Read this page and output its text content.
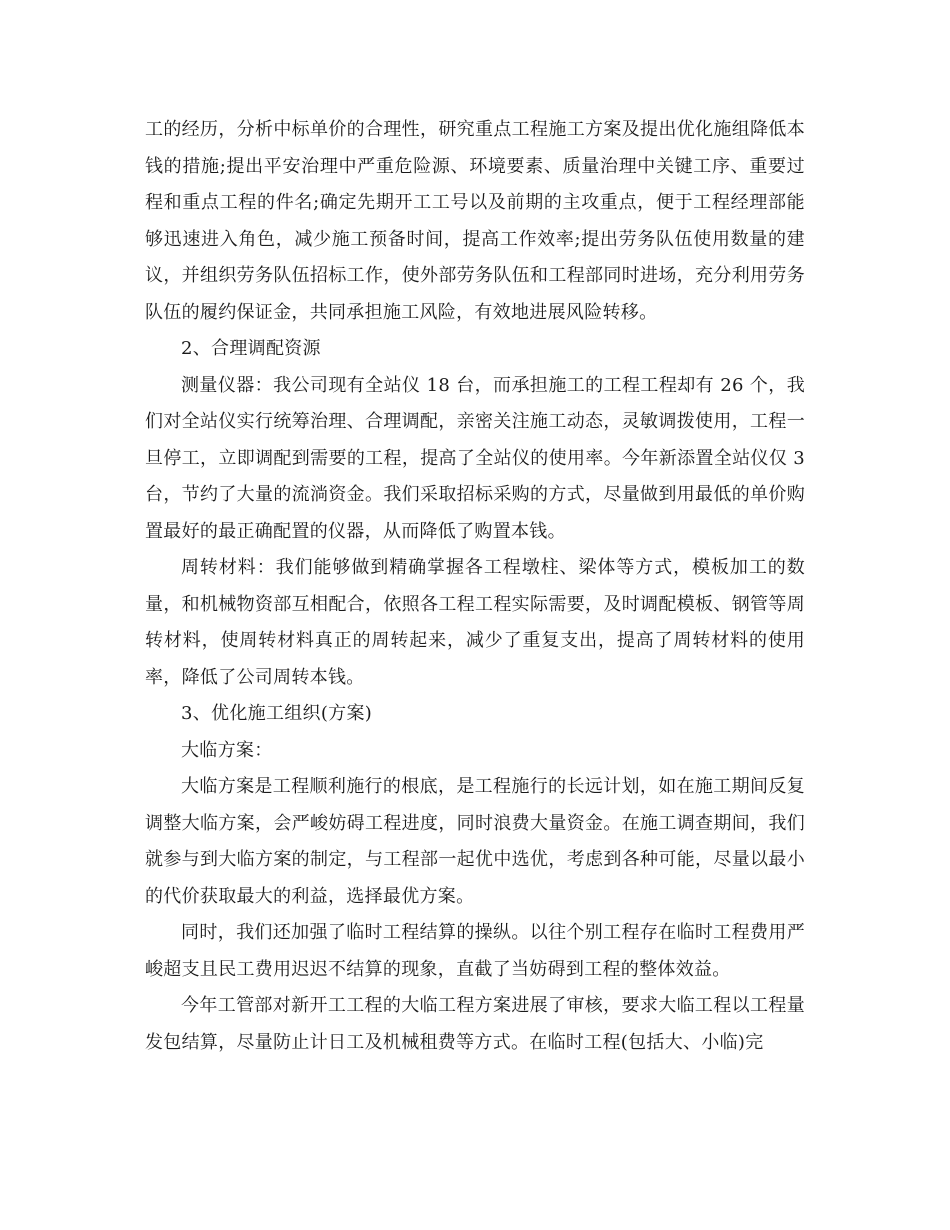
工的经历，分析中标单价的合理性，研究重点工程施工方案及提出优化施组降低本钱的措施;提出平安治理中严重危险源、环境要素、质量治理中关键工序、重要过程和重点工程的件名;确定先期开工工号以及前期的主攻重点，便于工程经理部能够迅速进入角色，减少施工预备时间，提高工作效率;提出劳务队伍使用数量的建议，并组织劳务队伍招标工作，使外部劳务队伍和工程部同时进场，充分利用劳务队伍的履约保证金，共同承担施工风险，有效地进展风险转移。

2、合理调配资源

测量仪器：我公司现有全站仪 18 台，而承担施工的工程工程却有 26 个，我们对全站仪实行统筹治理、合理调配，亲密关注施工动态，灵敏调拨使用，工程一旦停工，立即调配到需要的工程，提高了全站仪的使用率。今年新添置全站仪仅 3 台，节约了大量的流淌资金。我们采取招标采购的方式，尽量做到用最低的单价购置最好的最正确配置的仪器，从而降低了购置本钱。

周转材料：我们能够做到精确掌握各工程墩柱、梁体等方式，模板加工的数量，和机械物资部互相配合，依照各工程工程实际需要，及时调配模板、钢管等周转材料，使周转材料真正的周转起来，减少了重复支出，提高了周转材料的使用率，降低了公司周转本钱。

3、优化施工组织(方案)

大临方案：

大临方案是工程顺利施行的根底，是工程施行的长远计划，如在施工期间反复调整大临方案，会严峻妨碍工程进度，同时浪费大量资金。在施工调查期间，我们就参与到大临方案的制定，与工程部一起优中选优，考虑到各种可能，尽量以最小的代价获取最大的利益，选择最优方案。

同时，我们还加强了临时工程结算的操纵。以往个别工程存在临时工程费用严峻超支且民工费用迟迟不结算的现象，直截了当妨碍到工程的整体效益。

今年工管部对新开工工程的大临工程方案进展了审核，要求大临工程以工程量发包结算，尽量防止计日工及机械租费等方式。在临时工程(包括大、小临)完
